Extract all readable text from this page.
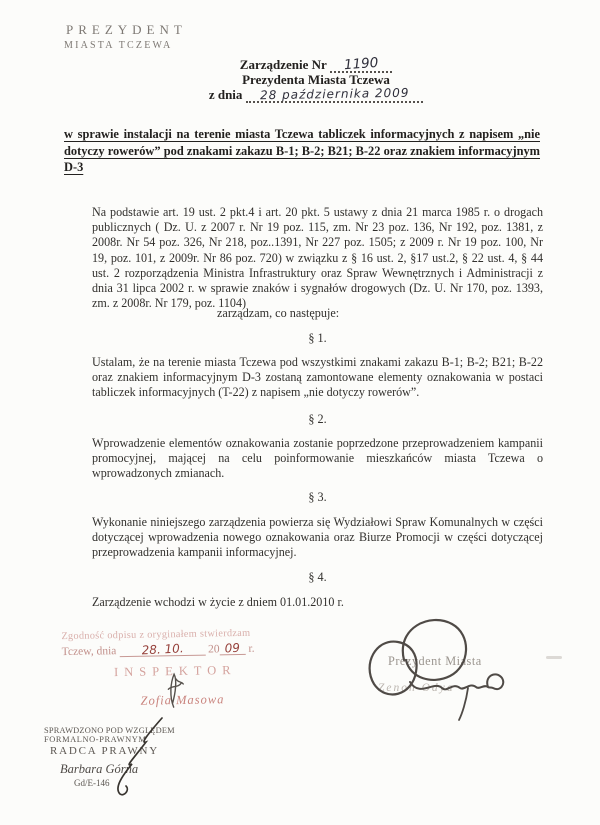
PREZYDENT
MIASTA TCZEWA
Zarządzenie Nr 1190
Prezydenta Miasta Tczewa
z dnia 28 października 2009

w sprawie instalacji na terenie miasta Tczewa tabliczek informacyjnych z napisem „nie dotyczy rowerów” pod znakami zakazu B-1; B-2; B21; B-22 oraz znakiem informacyjnym D-3

Na podstawie art. 19 ust. 2 pkt.4 i art. 20 pkt. 5 ustawy z dnia 21 marca 1985 r. o drogach publicznych ( Dz. U. z 2007 r. Nr 19 poz. 115, zm. Nr 23 poz. 136, Nr 192, poz. 1381, z 2008r. Nr 54 poz. 326, Nr 218, poz..1391, Nr 227 poz. 1505; z 2009 r. Nr 19 poz. 100, Nr 19, poz. 101, z 2009r. Nr 86 poz. 720) w związku z § 16 ust. 2, §17 ust.2, § 22 ust. 4, § 44 ust. 2 rozporządzenia Ministra Infrastruktury oraz Spraw Wewnętrznych i Administracji z dnia 31 lipca 2002 r. w sprawie znaków i sygnałów drogowych (Dz. U. Nr 170, poz. 1393, zm. z 2008r. Nr 179, poz. 1104)

zarządzam, co następuje:
§ 1.

Ustalam, że na terenie miasta Tczewa pod wszystkimi znakami zakazu B-1; B-2; B21; B-22 oraz znakiem informacyjnym D-3 zostaną zamontowane elementy oznakowania w postaci tabliczek informacyjnych (T-22) z napisem „nie dotyczy rowerów”.

§ 2.

Wprowadzenie elementów oznakowania zostanie poprzedzone przeprowadzeniem kampanii promocyjnej, mającej na celu poinformowanie mieszkańców miasta Tczewa o wprowadzonych zmianach.

§ 3.

Wykonanie niniejszego zarządzenia powierza się Wydziałowi Spraw Komunalnych w części dotyczącej wprowadzenia nowego oznakowania oraz Biurze Promocji w części dotyczącej przeprowadzenia kampanii informacyjnej.

§ 4.

Zarządzenie wchodzi w życie z dniem 01.01.2010 r.

Zgodność odpisu z oryginałem stwierdzam
Tczew, dnia 28. 10. 20 09 r.
INSPEKTOR
Zofia Masowa
Prezydent Miasta
Zenon Odya
SPRAWDZONO POD WZGLĘDEM
FORMALNO-PRAWNYM
RADCA PRAWNY
Barbara Górna
Gd/E-146
